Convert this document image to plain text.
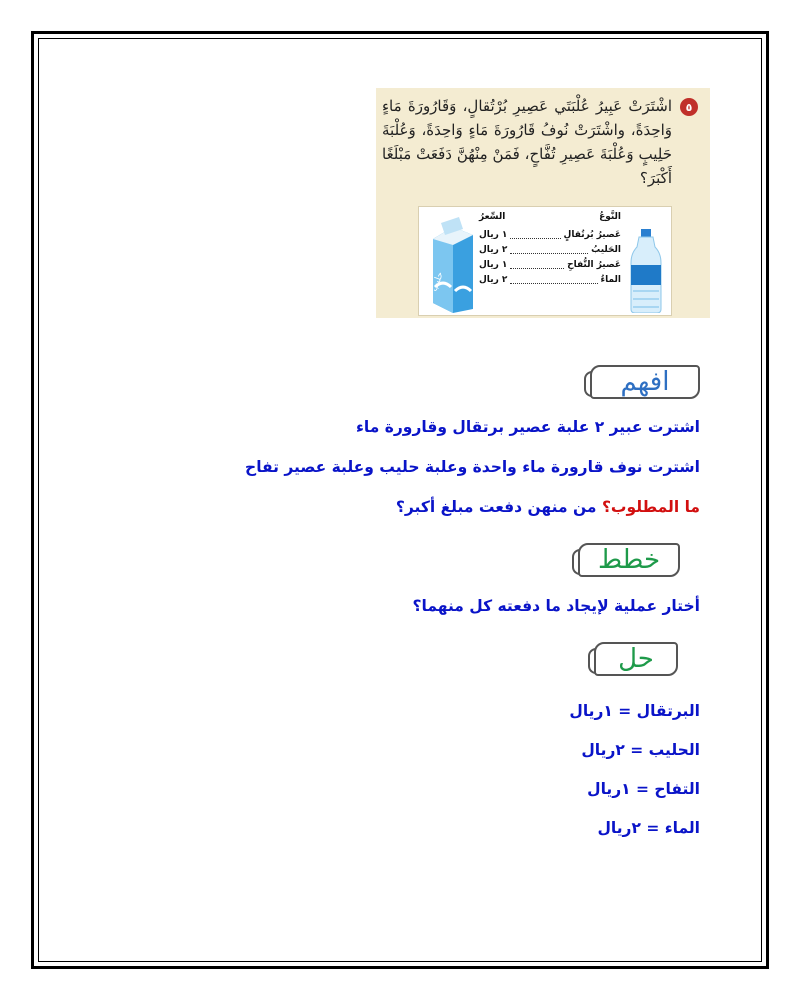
٥
اشْتَرَتْ عَبِيرُ عُلْبَتَي عَصِيرِ بُرْتُقالٍ، وَقَارُورَةَ مَاءٍ وَاحِدَةً، واشْتَرَتْ نُوفُ قَارُورَةَ مَاءٍ وَاحِدَةً، وَعُلْبَةَ حَلِيبٍ وَعُلْبَةَ عَصِيرِ تُفَّاحٍ، فَمَنْ مِنْهُنَّ دَفَعَتْ مَبْلَغًا أَكْبَرَ؟
حليب
النَّوعُ
السِّعرُ
عَصيرُ بُرتُقالٍ
١ ريال
الحَليبُ
٢ ريال
عَصيرُ التُّفاحِ
١ ريال
الماءُ
٢ ريال
افهم
اشترت عبير ٢ علبة عصير برتقال وقارورة ماء
اشترت نوف قارورة ماء واحدة وعلبة حليب وعلبة عصير تفاح
ما المطلوب؟ من منهن دفعت مبلغ أكبر؟
خطط
أختار عملية لإيجاد ما دفعته كل منهما؟
حل
البرتقال = ١ريال
الحليب = ٢ريال
التفاح = ١ريال
الماء = ٢ريال
